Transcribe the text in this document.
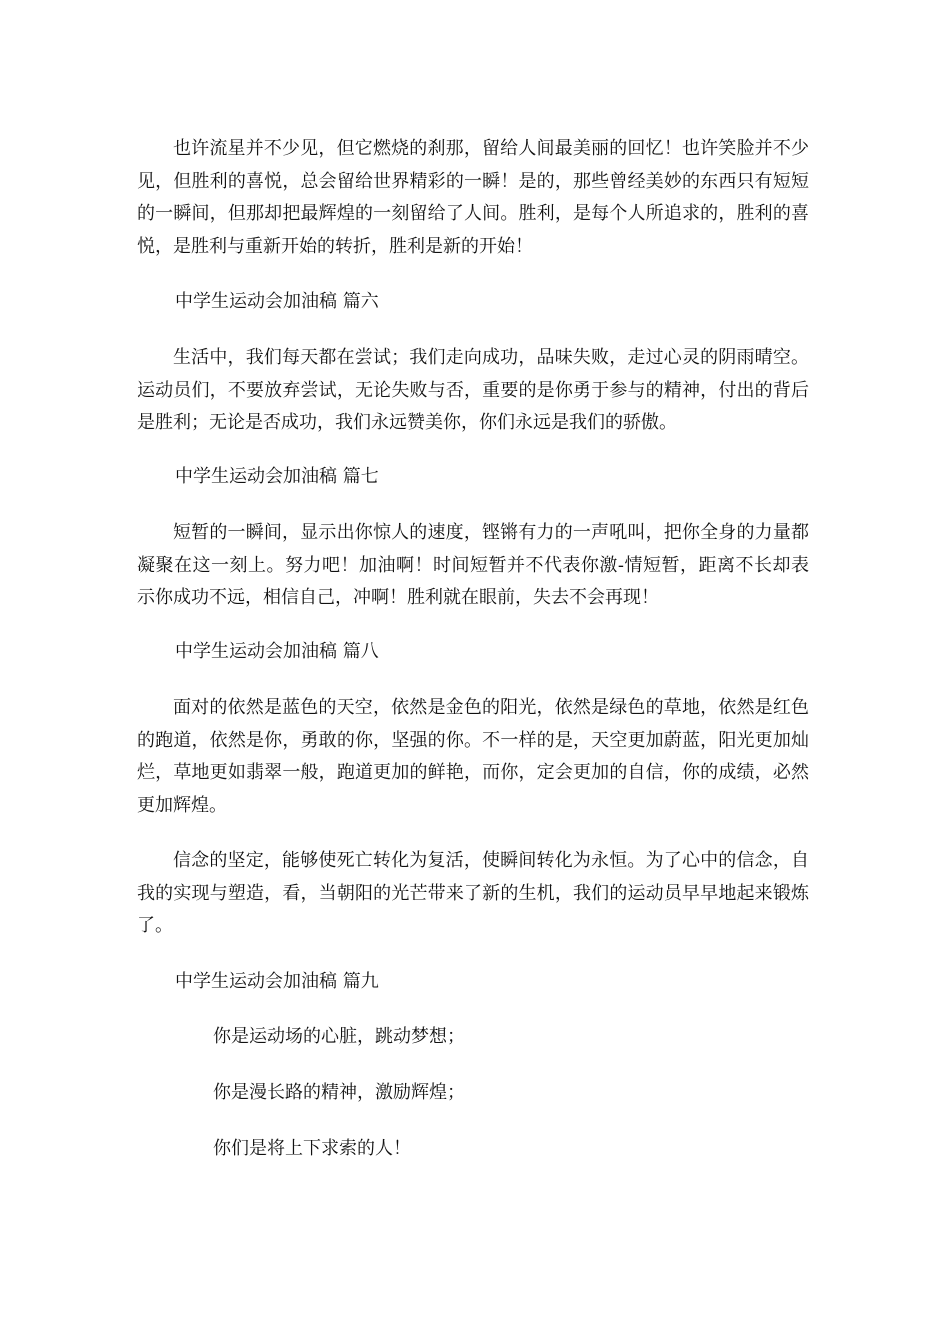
也许流星并不少见，但它燃烧的刹那，留给人间最美丽的回忆！也许笑脸并不少见，但胜利的喜悦，总会留给世界精彩的一瞬！是的，那些曾经美妙的东西只有短短的一瞬间，但那却把最辉煌的一刻留给了人间。胜利，是每个人所追求的，胜利的喜悦，是胜利与重新开始的转折，胜利是新的开始！

中学生运动会加油稿 篇六

生活中，我们每天都在尝试；我们走向成功，品味失败，走过心灵的阴雨晴空。运动员们，不要放弃尝试，无论失败与否，重要的是你勇于参与的精神，付出的背后是胜利；无论是否成功，我们永远赞美你，你们永远是我们的骄傲。

中学生运动会加油稿 篇七

短暂的一瞬间，显示出你惊人的速度，铿锵有力的一声吼叫，把你全身的力量都凝聚在这一刻上。努力吧！加油啊！时间短暂并不代表你激-情短暂，距离不长却表示你成功不远，相信自己，冲啊！胜利就在眼前，失去不会再现！

中学生运动会加油稿 篇八

面对的依然是蓝色的天空，依然是金色的阳光，依然是绿色的草地，依然是红色的跑道，依然是你，勇敢的你，坚强的你。不一样的是，天空更加蔚蓝，阳光更加灿烂，草地更如翡翠一般，跑道更加的鲜艳，而你，定会更加的自信，你的成绩，必然更加辉煌。

信念的坚定，能够使死亡转化为复活，使瞬间转化为永恒。为了心中的信念，自我的实现与塑造，看，当朝阳的光芒带来了新的生机，我们的运动员早早地起来锻炼了。

中学生运动会加油稿 篇九

你是运动场的心脏，跳动梦想；

你是漫长路的精神，激励辉煌；

你们是将上下求索的人！
